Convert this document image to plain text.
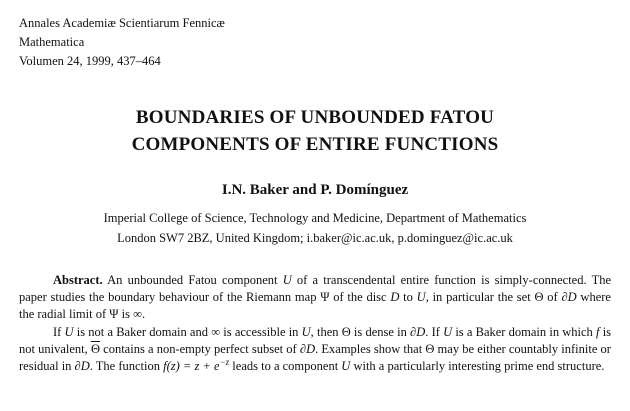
Annales Academiæ Scientiarum Fennicæ
Mathematica
Volumen 24, 1999, 437–464
BOUNDARIES OF UNBOUNDED FATOU
COMPONENTS OF ENTIRE FUNCTIONS
I.N. Baker and P. Domínguez
Imperial College of Science, Technology and Medicine, Department of Mathematics
London SW7 2BZ, United Kingdom; i.baker@ic.ac.uk, p.dominguez@ic.ac.uk

Abstract. An unbounded Fatou component U of a transcendental entire function is simply-connected. The paper studies the boundary behaviour of the Riemann map Ψ of the disc D to U, in particular the set Θ of ∂D where the radial limit of Ψ is ∞.

If U is not a Baker domain and ∞ is accessible in U, then Θ is dense in ∂D. If U is a Baker domain in which f is not univalent, $\overline{\Theta}$ contains a non-empty perfect subset of ∂D. Examples show that Θ may be either countably infinite or residual in ∂D. The function $f(z) = z + e^{-z}$ leads to a component U with a particularly interesting prime end structure.
